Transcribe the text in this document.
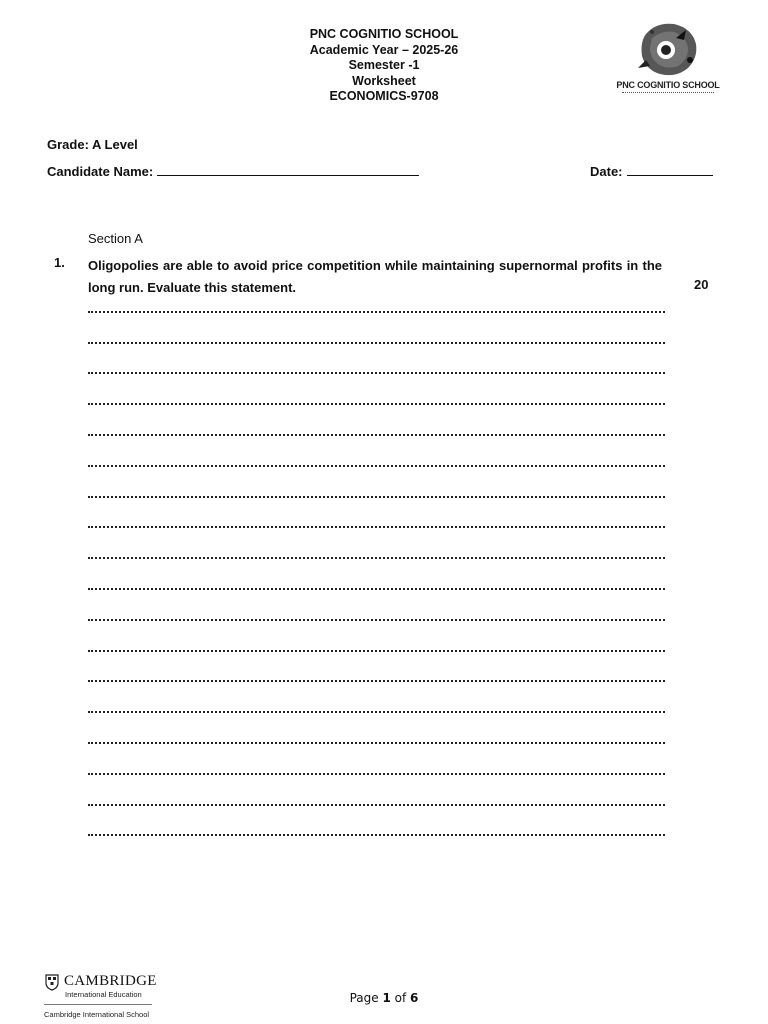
PNC COGNITIO SCHOOL
Academic Year – 2025-26
Semester -1
Worksheet
ECONOMICS-9708
PNC COGNITIO SCHOOL
Grade: A Level
Candidate Name:	Date:
Section A
1. Oligopolies are able to avoid price competition while maintaining supernormal profits in the long run. Evaluate this statement.	20
CAMBRIDGE
International Education
Cambridge International School
Page 1 of 6
